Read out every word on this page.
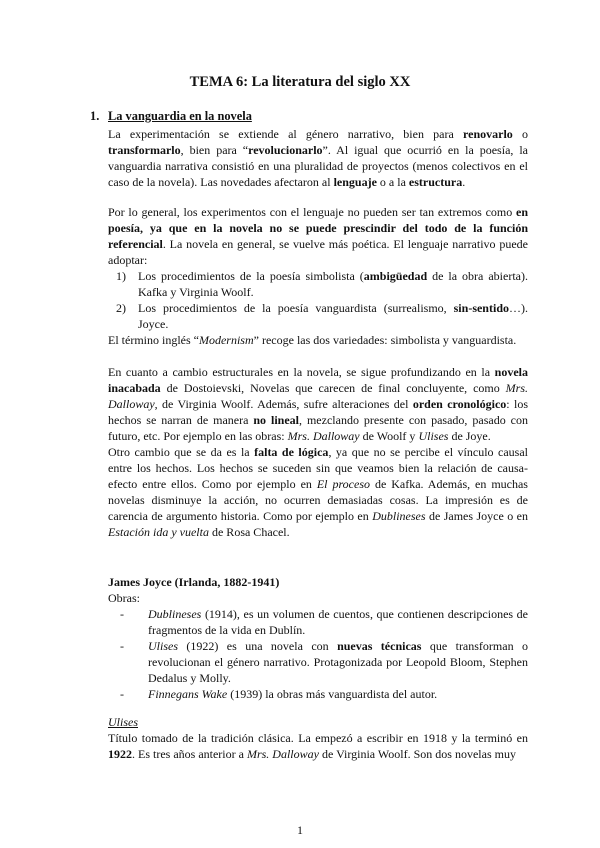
TEMA 6: La literatura del siglo XX
1. La vanguardia en la novela
La experimentación se extiende al género narrativo, bien para renovarlo o transformarlo, bien para “revolucionarlo”. Al igual que ocurrió en la poesía, la vanguardia narrativa consistió en una pluralidad de proyectos (menos colectivos en el caso de la novela). Las novedades afectaron al lenguaje o a la estructura.
Por lo general, los experimentos con el lenguaje no pueden ser tan extremos como en poesía, ya que en la novela no se puede prescindir del todo de la función referencial. La novela en general, se vuelve más poética. El lenguaje narrativo puede adoptar:
1) Los procedimientos de la poesía simbolista (ambigüedad de la obra abierta). Kafka y Virginia Woolf.
2) Los procedimientos de la poesía vanguardista (surrealismo, sin-sentido…). Joyce.
El término inglés “Modernism” recoge las dos variedades: simbolista y vanguardista.
En cuanto a cambio estructurales en la novela, se sigue profundizando en la novela inacabada de Dostoievski, Novelas que carecen de final concluyente, como Mrs. Dalloway, de Virginia Woolf. Además, sufre alteraciones del orden cronológico: los hechos se narran de manera no lineal, mezclando presente con pasado, pasado con futuro, etc. Por ejemplo en las obras: Mrs. Dalloway de Woolf y Ulises de Joye.
Otro cambio que se da es la falta de lógica, ya que no se percibe el vínculo causal entre los hechos. Los hechos se suceden sin que veamos bien la relación de causa-efecto entre ellos. Como por ejemplo en El proceso de Kafka. Además, en muchas novelas disminuye la acción, no ocurren demasiadas cosas. La impresión es de carencia de argumento historia. Como por ejemplo en Dublineses de James Joyce o en Estación ida y vuelta de Rosa Chacel.
James Joyce (Irlanda, 1882-1941)
Obras:
- Dublineses (1914), es un volumen de cuentos, que contienen descripciones de fragmentos de la vida en Dublín.
- Ulises (1922) es una novela con nuevas técnicas que transforman o revolucionan el género narrativo. Protagonizada por Leopold Bloom, Stephen Dedalus y Molly.
- Finnegans Wake (1939) la obras más vanguardista del autor.
Ulises
Título tomado de la tradición clásica. La empezó a escribir en 1918 y la terminó en 1922. Es tres años anterior a Mrs. Dalloway de Virginia Woolf. Son dos novelas muy
1
